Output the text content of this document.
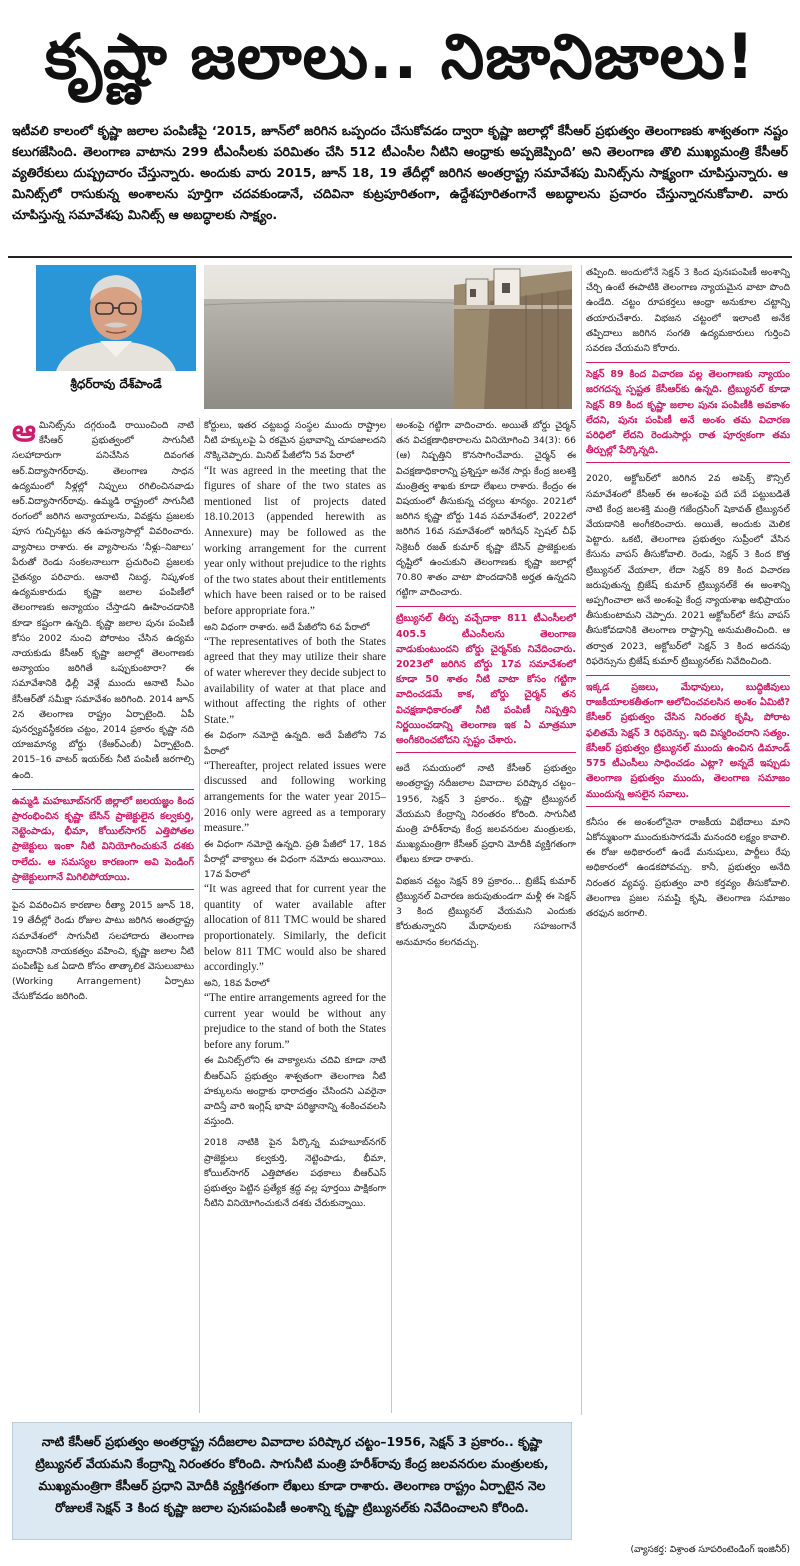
కృష్ణా జలాలు.. నిజానిజాలు!
ఇటీవలి కాలంలో కృష్ణా జలాల పంపిణీపై ‘2015, జూన్‌లో జరిగిన ఒప్పందం చేసుకోవడం ద్వారా కృష్ణా జలాల్లో కేసీఆర్ ప్రభుత్వం తెలంగాణకు శాశ్వతంగా నష్టం కలుగజేసింది. తెలంగాణ వాటాను 299 టీఎంసీలకు పరిమితం చేసి 512 టీఎంసీల నీటిని ఆంధ్రాకు అప్పజెప్పింది’ అని తెలంగాణ తొలి ముఖ్యమంత్రి కేసీఆర్ వ్యతిరేకులు దుష్ప్రచారం చేస్తున్నారు. అందుకు వారు 2015, జూన్ 18, 19 తేదీల్లో జరిగిన అంతర్రాష్ట్ర సమావేశపు మినిట్స్‌ను సాక్ష్యంగా చూపిస్తున్నారు. ఆ మినిట్స్‌లో రాసుకున్న అంశాలను పూర్తిగా చదవకుండానే, చదివినా కుట్రపూరితంగా, ఉద్దేశపూరితంగానే అబద్ధాలను ప్రచారం చేస్తున్నారనుకోవాలి. వారు చూపిస్తున్న సమావేశపు మినిట్స్ ఆ అబద్ధాలకు సాక్ష్యం.
శ్రీధర్‌రావు దేశ్‌పాండే

ఆ మినిట్స్‌ను దగ్గరుండి రాయించింది నాటి కేసీఆర్ ప్రభుత్వంలో సాగునీటి సలహాదారుగా పనిచేసిన దివంగత ఆర్.విద్యాసాగర్‌రావు. తెలంగాణ సాధన ఉద్యమంలో నీళ్లల్లో నిప్పులు రగిలించినవాడు ఆర్.విద్యాసాగర్‌రావు. ఉమ్మడి రాష్ట్రంలో సాగునీటి రంగంలో జరిగిన అన్యాయాలను, వివక్షను ప్రజలకు పూస గుచ్చినట్టు తన ఉపన్యాసాల్లో వివరించారు. వ్యాసాలు రాశారు. ఈ వ్యాసాలను ‘నీళ్లు–నిజాలు’ పేరుతో రెండు సంకలనాలుగా ప్రచురించి ప్రజలకు చైతన్యం పరిచారు. ఆనాటి నిబద్ధ, నిష్కళంక ఉద్యమకారుడు కృష్ణా జలాల పంపిణీలో తెలంగాణకు అన్యాయం చేస్తాడని ఊహించడానికి కూడా కష్టంగా ఉన్నది. కృష్ణా జలాల పునః పంపిణీ కోసం 2002 నుంచి పోరాటం చేసిన ఉద్యమ నాయకుడు కేసీఆర్ కృష్ణా జలాల్లో తెలంగాణకు అన్యాయం జరిగితే ఒప్పుకుంటారా? ఈ సమావేశానికి ఢిల్లీ వెళ్లే ముందు ఆనాటి సీఎం కేసీఆర్‌తో సమీక్షా సమావేశం జరిగింది. 2014 జూన్ 2న తెలంగాణ రాష్ట్రం ఏర్పాటైంది. ఏపీ పునర్వ్యవస్థీకరణ చట్టం, 2014 ప్రకారం కృష్ణా నది యాజమాన్య బోర్డు (కేఆర్ఎంబీ) ఏర్పాటైంది. 2015–16 వాటర్ ఇయర్‌కు నీటి పంపిణీ జరగాల్సి ఉంది.

ఉమ్మడి మహబూబ్‌నగర్ జిల్లాలో జలయజ్ఞం కింద ప్రారంభించిన కృష్ణా బేసిన్ ప్రాజెక్టులైన కల్వకుర్తి, నెట్టెంపాడు, భీమా, కోయిల్‌సాగర్ ఎత్తిపోతల ప్రాజెక్టులు ఇంకా నీటి వినియోగించుకునే దశకు రాలేదు. ఆ సమస్యల కారణంగా అవి పెండింగ్ ప్రాజెక్టులుగానే మిగిలిపోయాయి.

పైన వివరించిన కారణాల రీత్యా 2015 జూన్ 18, 19 తేదీల్లో రెండు రోజుల పాటు జరిగిన అంతర్రాష్ట్ర సమావేశంలో సాగునీటి సలహాదారు తెలంగాణ బృందానికి నాయకత్వం వహించి, కృష్ణా జలాల నీటి పంపిణీపై ఒక ఏడాది కోసం తాత్కాలిక వెసులుబాటు (Working Arrangement) ఏర్పాటు చేసుకోవడం జరిగింది.

కోర్టులు, ఇతర చట్టబద్ధ సంస్థల ముందు రాష్ట్రాల నీటి హక్కులపై ఏ రకమైన ప్రభావాన్ని చూపజాలదని నొక్కిచెప్పారు. మినిట్ పేజీలోని 5వ పేరాలో

“It was agreed in the meeting that the figures of share of the two states as mentioned list of projects dated 18.10.2013 (appended herewith as Annexure) may be followed as the working arrangement for the current year only without prejudice to the rights of the two states about their entitlements which have been raised or to be raised before appropriate fora.”

అని విధంగా రాశారు. అదే పేజీలోని 6వ పేరాలో

“The representatives of both the States agreed that they may utilize their share of water wherever they decide subject to availability of water at that place and without affecting the rights of other State.”

ఈ విధంగా నమోదై ఉన్నది. అదే పేజీలోని 7వ పేరాలో

“Thereafter, project related issues were discussed and following working arrangements for the water year 2015–2016 only were agreed as a temporary measure.”

ఈ విధంగా నమోదై ఉన్నది. ప్రతి పేజీలో 17, 18వ పేరాల్లో వాక్యాలు ఈ విధంగా నమోదు అయినాయి. 17వ పేరాలో

“It was agreed that for current year the quantity of water available after allocation of 811 TMC would be shared proportionately. Similarly, the deficit below 811 TMC would also be shared accordingly.”

అని, 18వ పేరాలో

“The entire arrangements agreed for the current year would be without any prejudice to the stand of both the States before any forum.”

ఈ మినిట్స్‌లోని ఈ వాక్యాలను చదివి కూడా నాటి బీఆర్ఎస్ ప్రభుత్వం శాశ్వతంగా తెలంగాణ నీటి హక్కులను అంధ్రాకు ధారాదత్తం చేసిందని ఎవరైనా వాదిస్తే వారి ఇంగ్లిష్ భాషా పరిజ్ఞానాన్ని శంకించవలసి వస్తుంది.

2018 నాటికి పైన పేర్కొన్న మహబూబ్‌నగర్ ప్రాజెక్టులు కల్వకుర్తి, నెట్టెంపాడు, భీమా, కోయిల్‌సాగర్ ఎత్తిపోతల పథకాలు బీఆర్ఎస్ ప్రభుత్వం పెట్టిన ప్రత్యేక శ్రద్ధ వల్ల పూర్తయి పాక్షికంగా నీటిని వినియోగించుకునే దశకు చేరుకున్నాయి.

అంశంపై గట్టిగా వాదించారు. అయితే బోర్డు చైర్మన్ తన విచక్షణాధికారాలను వినియోగించి 34(3): 66 (ఆ) నిష్పత్తిని కొనసాగించేవారు. చైర్మన్ ఈ విచక్షణాధికారాన్ని ప్రశ్నిస్తూ అనేక సార్లు కేంద్ర జలశక్తి మంత్రిత్వ శాఖకు కూడా లేఖలు రాశారు. కేంద్రం ఈ విషయంలో తీసుకున్న చర్యలు శూన్యం. 2021లో జరిగిన కృష్ణా బోర్డు 14వ సమావేశంలో, 2022లో జరిగిన 16వ సమావేశంలో ఇరిగేషన్ స్పెషల్ చీఫ్ సెక్రెటరీ రజత్ కుమార్ కృష్ణా బేసిన్ ప్రాజెక్టులకు దృష్టిలో ఉంచుకుని తెలంగాణకు కృష్ణా జలాల్లో 70.80 శాతం వాటా పొందడానికి అర్హత ఉన్నదని గట్టిగా వాదించారు.

ట్రిబ్యునల్ తీర్పు వచ్చేదాకా 811 టీఎంసీలలో 405.5 టీఎంసీలను తెలంగాణ వాడుకుంటుందని బోర్డు చైర్మన్‌కు నివేదించారు. 2023లో జరిగిన బోర్డు 17వ సమావేశంలో కూడా 50 శాతం నీటి వాటా కోసం గట్టిగా వాదించడమే కాక, బోర్డు చైర్మన్ తన విచక్షణాధికారంతో నీటి పంపిణీ నిష్పత్తిని నిర్ణయించడాన్ని తెలంగాణ ఇక ఏ మాత్రమూ అంగీకరించబోదని స్పష్టం చేశారు.

అదే సమయంలో నాటి కేసీఆర్ ప్రభుత్వం అంతర్రాష్ట్ర నదీజలాల వివాదాల పరిష్కార చట్టం–1956, సెక్షన్ 3 ప్రకారం.. కృష్ణా ట్రిబ్యునల్ వేయమని కేంద్రాన్ని నిరంతరం కోరింది. సాగునీటి మంత్రి హరీశ్‌రావు కేంద్ర జలవనరుల మంత్రులకు, ముఖ్యమంత్రిగా కేసీఆర్ ప్రధాని మోదీకి వ్యక్తిగతంగా లేఖలు కూడా రాశారు.

విభజన చట్టం సెక్షన్ 89 ప్రకారం... బ్రిజేష్ కుమార్ ట్రిబ్యునల్ విచారణ జరుపుతుండగా మళ్లీ ఈ సెక్షన్ 3 కింద ట్రిబ్యునల్ వేయమని ఎందుకు కోరుతున్నారని మేధావులకు సహజంగానే అనుమానం కలగవచ్చు.

తప్పింది. అందులోనే సెక్షన్ 3 కింద పునఃపంపిణీ అంశాన్ని చేర్చి ఉంటే ఈపాటికి తెలంగాణ న్యాయమైన వాటా పొంది ఉండేది. చట్టం రూపకర్తలు ఆంధ్రా అనుకూల చట్టాన్ని తయారుచేశారు. విభజన చట్టంలో ఇలాంటి అనేక తప్పిదాలు జరిగిన సంగతి ఉద్యమకారులు గుర్తించి సవరణ చేయమని కోరారు.

సెక్షన్ 89 కింద విచారణ వల్ల తెలంగాణకు న్యాయం జరగదన్న స్పష్టత కేసీఆర్‌కు ఉన్నది. ట్రిబ్యునల్ కూడా సెక్షన్ 89 కింద కృష్ణా జలాల పునః పంపిణీకి అవకాశం లేదని, పునః పంపిణీ అనే అంశం తమ విచారణ పరిధిలో లేదని రెండుసార్లు రాత పూర్వకంగా తమ తీర్పుల్లో పేర్కొన్నది.

2020, అక్టోబర్‌లో జరిగిన 2వ అపెక్స్ కౌన్సిల్ సమావేశంలో కేసీఆర్ ఈ అంశంపై పదే పదే పట్టుబడితే నాటి కేంద్ర జలశక్తి మంత్రి గజేంద్రసింగ్ షెకావత్ ట్రిబ్యునల్ వేయడానికి అంగీకరించారు. అయితే, అందుకు మెలిక పెట్టారు. ఒకటి, తెలంగాణ ప్రభుత్వం సుప్రీంలో వేసిన కేసును వాపస్ తీసుకోవాలి. రెండు, సెక్షన్ 3 కింద కొత్త ట్రిబ్యునల్ వేయాలా, లేదా సెక్షన్ 89 కింద విచారణ జరుపుతున్న బ్రిజేష్ కుమార్ ట్రిబ్యునల్‌కే ఈ అంశాన్ని అప్పగించాలా అనే అంశంపై కేంద్ర న్యాయశాఖ అభిప్రాయం తీసుకుంటామని చెప్పారు. 2021 అక్టోబర్‌లో కేసు వాపస్ తీసుకోవడానికి తెలంగాణ రాష్ట్రాన్ని అనుమతించింది. ఆ తర్వాత 2023, అక్టోబర్‌లో సెక్షన్ 3 కింద అదనపు రిఫరెన్సును బ్రిజేష్ కుమార్ ట్రిబ్యునల్‌కు నివేదించింది.

ఇక్కడ ప్రజలు, మేధావులు, బుద్ధిజీవులు రాజకీయాలకతీతంగా ఆలోచించవలసిన అంశం ఏమిటి? కేసీఆర్ ప్రభుత్వం చేసిన నిరంతర కృషి, పోరాట ఫలితమే సెక్షన్ 3 రిఫరెన్సు. ఇది విస్మరించరాని సత్యం. కేసీఆర్ ప్రభుత్వం ట్రిబ్యునల్ ముందు ఉంచిన డిమాండ్ 575 టీఎంసీలు సాధించడం ఎట్లా? అన్నదే ఇప్పుడు తెలంగాణ ప్రభుత్వం ముందు, తెలంగాణ సమాజం ముందున్న అసలైన సవాలు.

కనీసం ఈ అంశంలోనైనా రాజకీయ విభేదాలు మాని ఏకోన్ముఖంగా ముందుకుసాగడమే మనందరి లక్ష్యం కావాలి. ఈ రోజు అధికారంలో ఉండే మనుషులు, పార్టీలు రేపు అధికారంలో ఉండకపోవచ్చు. కానీ, ప్రభుత్వం అనేది నిరంతర వ్యవస్థ. ప్రభుత్వం వారి కర్తవ్యం తీసుకోవాలి. తెలంగాణ ప్రజల సమష్టి కృషి, తెలంగాణ సమాజం తరఫున జరగాలి.

నాటి కేసీఆర్ ప్రభుత్వం అంతర్రాష్ట్ర నదీజలాల వివాదాల పరిష్కార చట్టం–1956, సెక్షన్ 3 ప్రకారం.. కృష్ణా ట్రిబ్యునల్ వేయమని కేంద్రాన్ని నిరంతరం కోరింది. సాగునీటి మంత్రి హరీశ్‌రావు కేంద్ర జలవనరుల మంత్రులకు, ముఖ్యమంత్రిగా కేసీఆర్ ప్రధాని మోదీకి వ్యక్తిగతంగా లేఖలు కూడా రాశారు. తెలంగాణ రాష్ట్రం ఏర్పాటైన నెల రోజులకే సెక్షన్ 3 కింద కృష్ణా జలాల పునఃపంపిణీ అంశాన్ని కృష్ణా ట్రిబ్యునల్‌కు నివేదించాలని కోరింది.
(వ్యాసకర్త: విశ్రాంత సూపరింటెండింగ్ ఇంజినీర్)
